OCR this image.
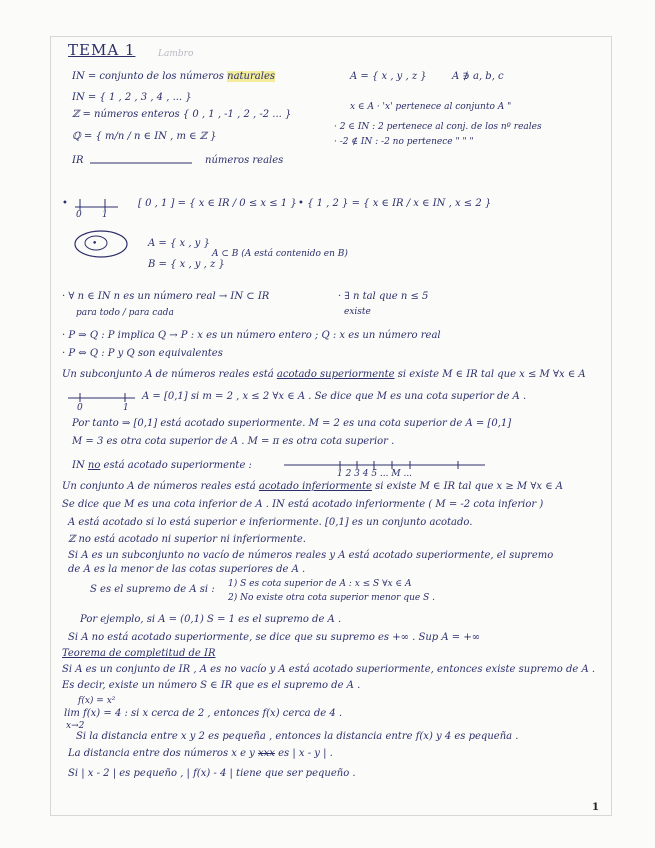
TEMA 1	Lambro
IN = conjunto de los números naturales	A = { x , y , z }	A ∌ a, b, c
IN = { 1 , 2 , 3 , 4 , ... }
ℤ = números enteros { 0 , 1 , -1 , 2 , -2 ... }
x ∈ A · 'x' pertenece al conjunto A "
ℚ = { m/n / n ∈ IN , m ∈ ℤ }
· 2 ∈ IN : 2 pertenece al conj. de los nº reales
· -2 ∉ IN : -2 no pertenece " " "
IR	números reales
•
0 1
[ 0 , 1 ] = { x ∈ IR / 0 ≤ x ≤ 1 } • { 1 , 2 } = { x ∈ IR / x ∈ IN , x ≤ 2 }
•	A = { x , y }
A ⊂ B (A está contenido en B)
B = { x , y , z }
· ∀ n ∈ IN n es un número real → IN ⊂ IR	· ∃ n tal que n ≤ 5
para todo / para cada	existe
· P ⇒ Q : P implica Q → P : x es un número entero ; Q : x es un número real
· P ⇔ Q : P y Q son equivalentes
Un subconjunto A de números reales está acotado superiormente si existe M ∈ IR tal que x ≤ M ∀x ∈ A
0	1
A = [0,1] si m = 2 , x ≤ 2 ∀x ∈ A . Se dice que M es una cota superior de A .
Por tanto ⇒ [0,1] está acotado superiormente. M = 2 es una cota superior de A = [0,1]
M = 3 es otra cota superior de A . M = π es otra cota superior .
IN no está acotado superiormente :
1 2 3 4 5 ... M ...
Un conjunto A de números reales está acotado inferiormente si existe M ∈ IR tal que x ≥ M ∀x ∈ A
Se dice que M es una cota inferior de A . IN está acotado inferiormente ( M = -2 cota inferior )
A está acotado si lo está superior e inferiormente. [0,1] es un conjunto acotado.
ℤ no está acotado ni superior ni inferiormente.
Si A es un subconjunto no vacío de números reales y A está acotado superiormente, el supremo
de A es la menor de las cotas superiores de A .
S es el supremo de A si : 1) S es cota superior de A : x ≤ S ∀x ∈ A
2) No existe otra cota superior menor que S .
Por ejemplo, si A = (0,1) S = 1 es el supremo de A .
Si A no está acotado superiormente, se dice que su supremo es +∞ . Sup A = +∞
Teorema de completitud de IR
Si A es un conjunto de IR , A es no vacío y A está acotado superiormente, entonces existe supremo de A .
Es decir, existe un número S ∈ IR que es el supremo de A .
f(x) = x²
lim f(x) = 4 : si x cerca de 2 , entonces f(x) cerca de 4 .
x→2
Si la distancia entre x y 2 es pequeña , entonces la distancia entre f(x) y 4 es pequeña .
La distancia entre dos números x e y xxx es | x - y | .
Si | x - 2 | es pequeño , | f(x) - 4 | tiene que ser pequeño .
1
